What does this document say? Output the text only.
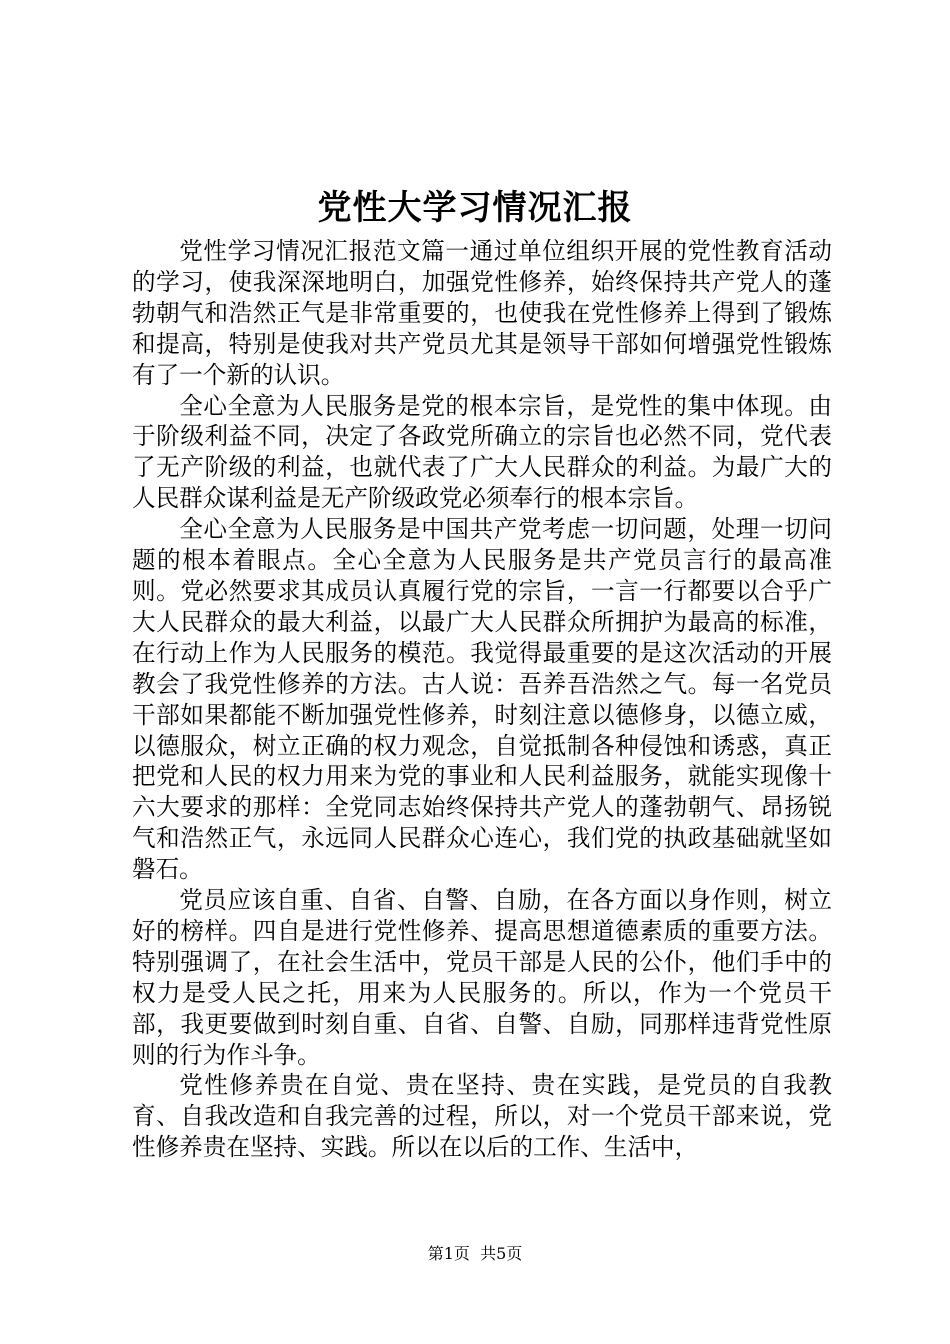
党性大学习情况汇报

党性学习情况汇报范文篇一通过单位组织开展的党性教育活动的学习，使我深深地明白，加强党性修养，始终保持共产党人的蓬勃朝气和浩然正气是非常重要的，也使我在党性修养上得到了锻炼和提高，特别是使我对共产党员尤其是领导干部如何增强党性锻炼有了一个新的认识。

全心全意为人民服务是党的根本宗旨，是党性的集中体现。由于阶级利益不同，决定了各政党所确立的宗旨也必然不同，党代表了无产阶级的利益，也就代表了广大人民群众的利益。为最广大的人民群众谋利益是无产阶级政党必须奉行的根本宗旨。

全心全意为人民服务是中国共产党考虑一切问题，处理一切问题的根本着眼点。全心全意为人民服务是共产党员言行的最高准则。党必然要求其成员认真履行党的宗旨，一言一行都要以合乎广大人民群众的最大利益，以最广大人民群众所拥护为最高的标准，在行动上作为人民服务的模范。我觉得最重要的是这次活动的开展教会了我党性修养的方法。古人说：吾养吾浩然之气。每一名党员干部如果都能不断加强党性修养，时刻注意以德修身，以德立威，以德服众，树立正确的权力观念，自觉抵制各种侵蚀和诱惑，真正把党和人民的权力用来为党的事业和人民利益服务，就能实现像十六大要求的那样：全党同志始终保持共产党人的蓬勃朝气、昂扬锐气和浩然正气，永远同人民群众心连心，我们党的执政基础就坚如磐石。

党员应该自重、自省、自警、自励，在各方面以身作则，树立好的榜样。四自是进行党性修养、提高思想道德素质的重要方法。特别强调了，在社会生活中，党员干部是人民的公仆，他们手中的权力是受人民之托，用来为人民服务的。所以，作为一个党员干部，我更要做到时刻自重、自省、自警、自励，同那样违背党性原则的行为作斗争。

党性修养贵在自觉、贵在坚持、贵在实践，是党员的自我教育、自我改造和自我完善的过程，所以，对一个党员干部来说，党性修养贵在坚持、实践。所以在以后的工作、生活中，

第1页 共5页
